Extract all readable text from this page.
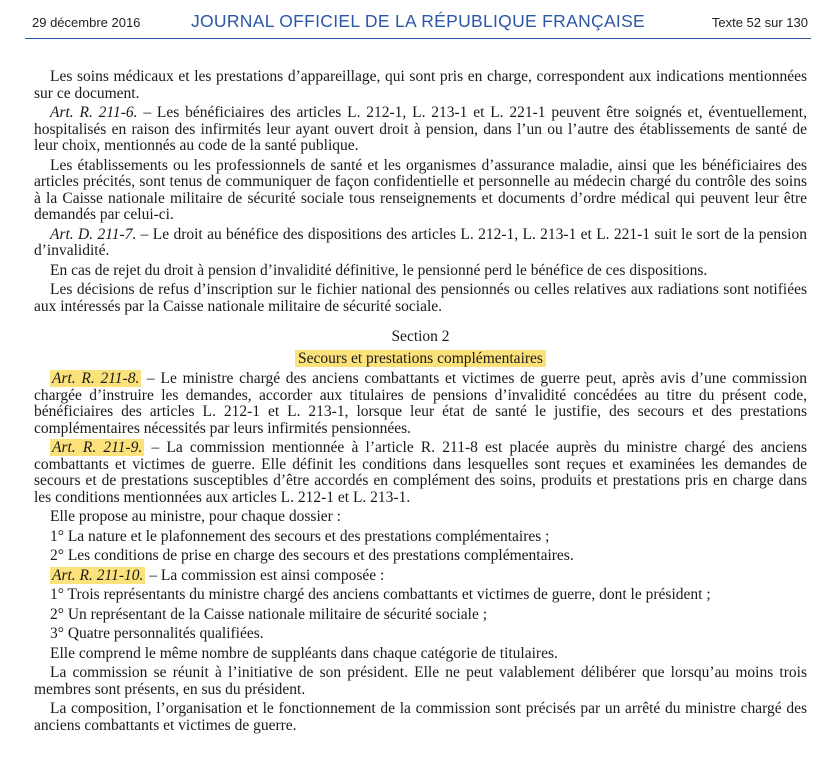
29 décembre 2016	JOURNAL OFFICIEL DE LA RÉPUBLIQUE FRANÇAISE	Texte 52 sur 130

Les soins médicaux et les prestations d’appareillage, qui sont pris en charge, correspondent aux indications mentionnées sur ce document.

Art. R. 211-6. – Les bénéficiaires des articles L. 212-1, L. 213-1 et L. 221-1 peuvent être soignés et, éventuellement, hospitalisés en raison des infirmités leur ayant ouvert droit à pension, dans l’un ou l’autre des établissements de santé de leur choix, mentionnés au code de la santé publique.

Les établissements ou les professionnels de santé et les organismes d’assurance maladie, ainsi que les bénéficiaires des articles précités, sont tenus de communiquer de façon confidentielle et personnelle au médecin chargé du contrôle des soins à la Caisse nationale militaire de sécurité sociale tous renseignements et documents d’ordre médical qui peuvent leur être demandés par celui-ci.

Art. D. 211-7. – Le droit au bénéfice des dispositions des articles L. 212-1, L. 213-1 et L. 221-1 suit le sort de la pension d’invalidité.

En cas de rejet du droit à pension d’invalidité définitive, le pensionné perd le bénéfice de ces dispositions.

Les décisions de refus d’inscription sur le fichier national des pensionnés ou celles relatives aux radiations sont notifiées aux intéressés par la Caisse nationale militaire de sécurité sociale.

Section 2

Secours et prestations complémentaires

Art. R. 211-8. – Le ministre chargé des anciens combattants et victimes de guerre peut, après avis d’une commission chargée d’instruire les demandes, accorder aux titulaires de pensions d’invalidité concédées au titre du présent code, bénéficiaires des articles L. 212-1 et L. 213-1, lorsque leur état de santé le justifie, des secours et des prestations complémentaires nécessités par leurs infirmités pensionnées.

Art. R. 211-9. – La commission mentionnée à l’article R. 211-8 est placée auprès du ministre chargé des anciens combattants et victimes de guerre. Elle définit les conditions dans lesquelles sont reçues et examinées les demandes de secours et de prestations susceptibles d’être accordés en complément des soins, produits et prestations pris en charge dans les conditions mentionnées aux articles L. 212-1 et L. 213-1.

Elle propose au ministre, pour chaque dossier :

1° La nature et le plafonnement des secours et des prestations complémentaires ;

2° Les conditions de prise en charge des secours et des prestations complémentaires.

Art. R. 211-10. – La commission est ainsi composée :

1° Trois représentants du ministre chargé des anciens combattants et victimes de guerre, dont le président ;

2° Un représentant de la Caisse nationale militaire de sécurité sociale ;

3° Quatre personnalités qualifiées.

Elle comprend le même nombre de suppléants dans chaque catégorie de titulaires.

La commission se réunit à l’initiative de son président. Elle ne peut valablement délibérer que lorsqu’au moins trois membres sont présents, en sus du président.

La composition, l’organisation et le fonctionnement de la commission sont précisés par un arrêté du ministre chargé des anciens combattants et victimes de guerre.
